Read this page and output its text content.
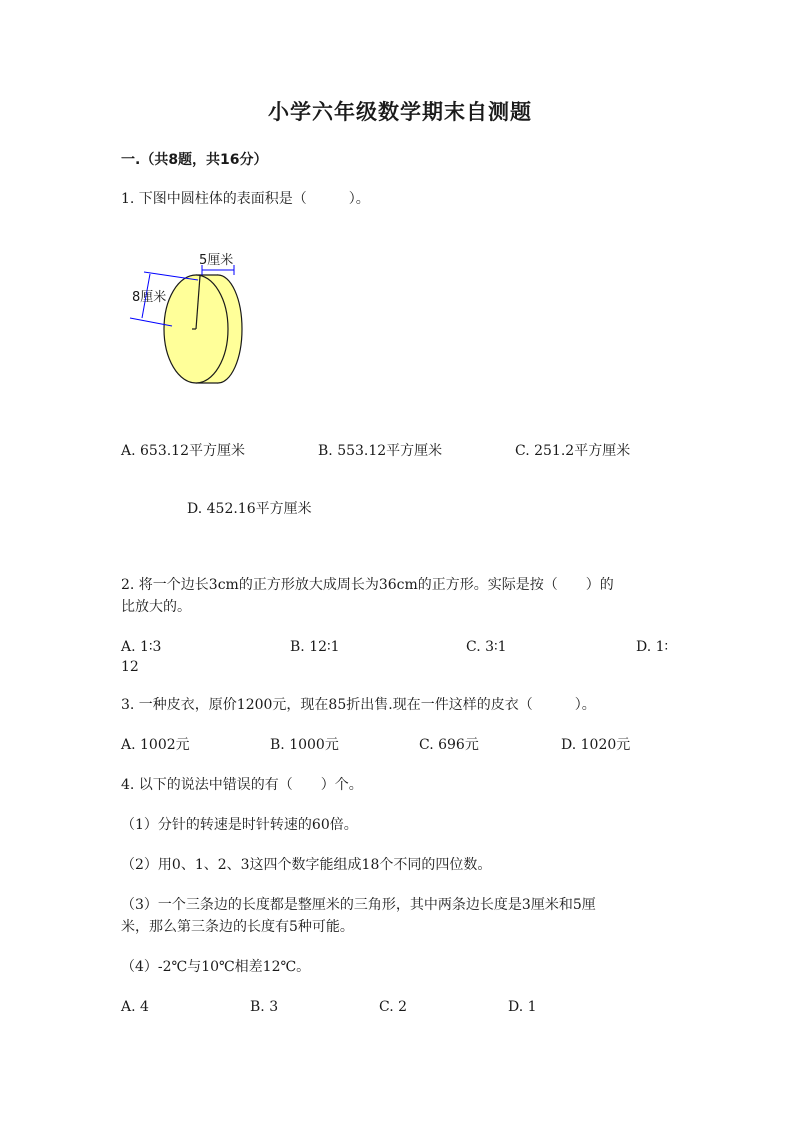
小学六年级数学期末自测题
一.（共8题，共16分）
1. 下图中圆柱体的表面积是（　　　）。
5厘米
8厘米
A. 653.12平方厘米	B. 553.12平方厘米	C. 251.2平方厘米
D. 452.16平方厘米
2. 将一个边长3cm的正方形放大成周长为36cm的正方形。实际是按（　　）的
比放大的。
A. 1∶3	B. 12∶1	C. 3∶1	D. 1∶
12
3. 一种皮衣，原价1200元，现在85折出售.现在一件这样的皮衣（　　　）。
A. 1002元	B. 1000元	C. 696元	D. 1020元
4. 以下的说法中错误的有（　　）个。
（1）分针的转速是时针转速的60倍。
（2）用0、1、2、3这四个数字能组成18个不同的四位数。
（3）一个三条边的长度都是整厘米的三角形，其中两条边长度是3厘米和5厘
米，那么第三条边的长度有5种可能。
（4）-2℃与10℃相差12℃。
A. 4	B. 3	C. 2	D. 1
